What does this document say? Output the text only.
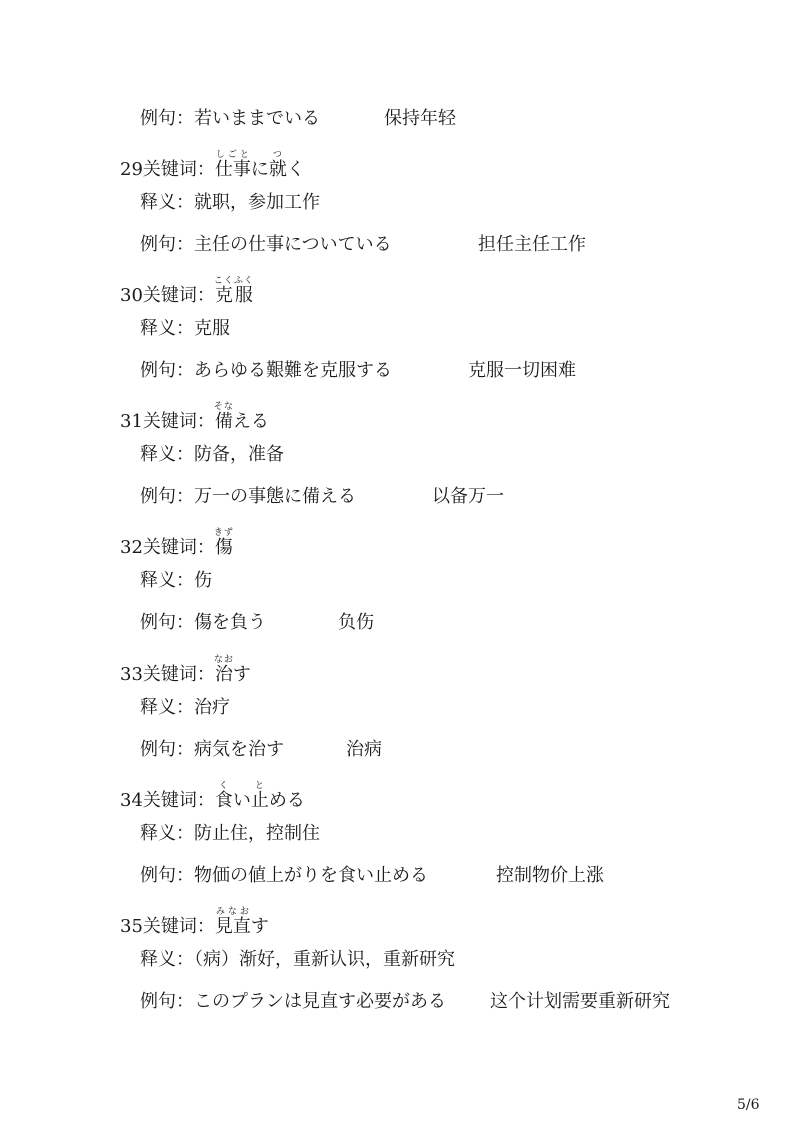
例句：若いままでいる	保持年轻
29关键词：仕事しごとに就つく
释义：就职，参加工作
例句：主任の仕事についている	担任主任工作
30关键词：克服こくふく
释义：克服
例句：あらゆる艱難を克服する	克服一切困难
31关键词：備そなえる
释义：防备，准备
例句：万一の事態に備える	以备万一
32关键词：傷きず
释义：伤
例句：傷を負う	负伤
33关键词：治なおす
释义：治疗
例句：病気を治す	治病
34关键词：食くい止とめる
释义：防止住，控制住
例句：物価の値上がりを食い止める	控制物价上涨
35关键词：見直みなおす
释义：（病）渐好，重新认识，重新研究
例句：このプランは見直す必要がある 这个计划需要重新研究
5/6
